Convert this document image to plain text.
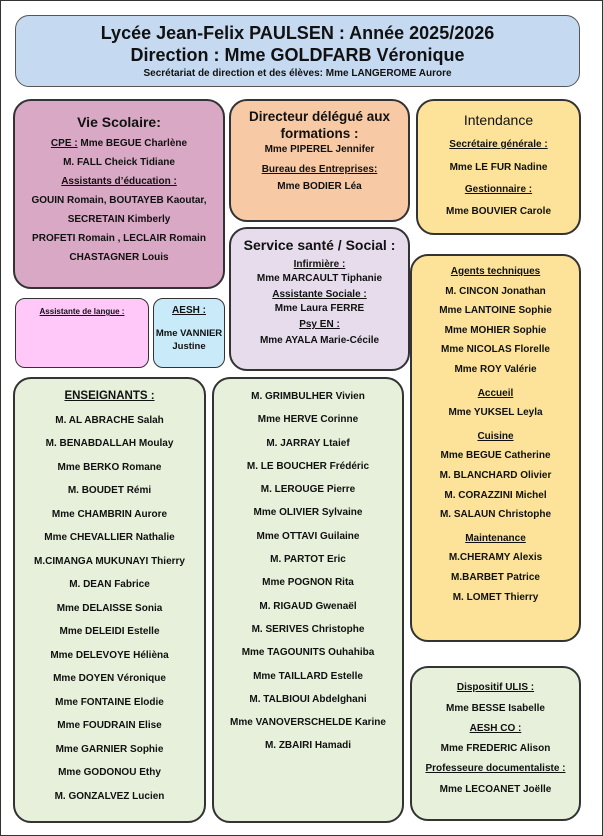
Lycée Jean-Felix PAULSEN : Année 2025/2026
Direction : Mme GOLDFARB Véronique
Secrétariat de direction et des élèves: Mme LANGEROME Aurore
Vie Scolaire:
CPE : Mme BEGUE Charlène
M. FALL Cheick Tidiane
Assistants d’éducation :
GOUIN Romain, BOUTAYEB Kaoutar,
SECRETAIN Kimberly
PROFETI Romain , LECLAIR Romain
CHASTAGNER Louis
Directeur délégué aux
formations :
Mme PIPEREL Jennifer
Bureau des Entreprises:
Mme BODIER Léa
Intendance
Secrétaire générale :
Mme LE FUR Nadine
Gestionnaire :
Mme BOUVIER Carole
Assistante de langue :	AESH :
Mme VANNIER
Justine
Service santé / Social :
Infirmière :
Mme MARCAULT Tiphanie
Assistante Sociale :
Mme Laura FERRE
Psy EN :
Mme AYALA Marie-Cécile
Agents techniques
M. CINCON Jonathan
Mme LANTOINE Sophie
Mme MOHIER Sophie
Mme NICOLAS Florelle
Mme ROY Valérie
Accueil
Mme YUKSEL Leyla
Cuisine
Mme BEGUE Catherine
M. BLANCHARD Olivier
M. CORAZZINI Michel
M. SALAUN Christophe
Maintenance
M.CHERAMY Alexis
M.BARBET Patrice
M. LOMET Thierry
ENSEIGNANTS :
M. AL ABRACHE Salah
M. BENABDALLAH Moulay
Mme BERKO Romane
M. BOUDET Rémi
Mme CHAMBRIN Aurore
Mme CHEVALLIER Nathalie
M.CIMANGA MUKUNAYI Thierry
M. DEAN Fabrice
Mme DELAISSE Sonia
Mme DELEIDI Estelle
Mme DELEVOYE Hélièna
Mme DOYEN Véronique
Mme FONTAINE Elodie
Mme FOUDRAIN Elise
Mme GARNIER Sophie
Mme GODONOU Ethy
M. GONZALVEZ Lucien
M. GRIMBULHER Vivien
Mme HERVE Corinne
M. JARRAY Ltaief
M. LE BOUCHER Frédéric
M. LEROUGE Pierre
Mme OLIVIER Sylvaine
Mme OTTAVI Guilaine
M. PARTOT Eric
Mme POGNON Rita
M. RIGAUD Gwenaël
M. SERIVES Christophe
Mme TAGOUNITS Ouhahiba
Mme TAILLARD Estelle
M. TALBIOUI Abdelghani
Mme VANOVERSCHELDE Karine
M. ZBAIRI Hamadi
Dispositif ULIS :
Mme BESSE Isabelle
AESH CO :
Mme FREDERIC Alison
Professeure documentaliste :
Mme LECOANET Joëlle
